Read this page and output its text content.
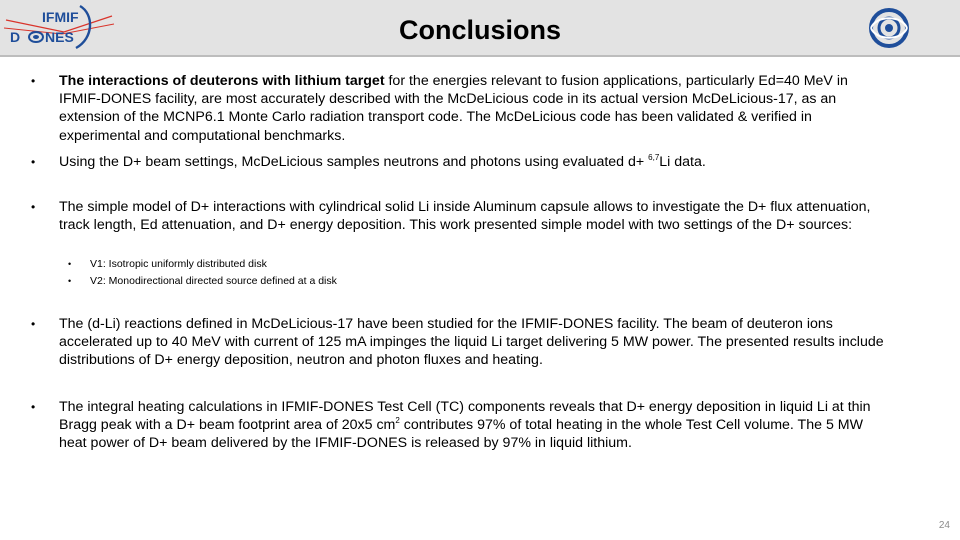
IFMIF
D NES	Conclusions
• The interactions of deuterons with lithium target for the energies relevant to fusion applications, particularly Ed=40 MeV in IFMIF-DONES facility, are most accurately described with the McDeLicious code in its actual version McDeLicious-17, as an extension of the MCNP6.1 Monte Carlo radiation transport code. The McDeLicious code has been validated & verified in experimental and computational benchmarks.

• Using the D+ beam settings, McDeLicious samples neutrons and photons using evaluated d+ $^{6,7}$Li data.

• The simple model of D+ interactions with cylindrical solid Li inside Aluminum capsule allows to investigate the D+ flux attenuation, track length, Ed attenuation, and D+ energy deposition. This work presented simple model with two settings of the D+ sources:

• V1: Isotropic uniformly distributed disk
• V2: Monodirectional directed source defined at a disk
• The (d-Li) reactions defined in McDeLicious-17 have been studied for the IFMIF-DONES facility. The beam of deuteron ions accelerated up to 40 MeV with current of 125 mA impinges the liquid Li target delivering 5 MW power. The presented results include distributions of D+ energy deposition, neutron and photon fluxes and heating.

• The integral heating calculations in IFMIF-DONES Test Cell (TC) components reveals that D+ energy deposition in liquid Li at thin Bragg peak with a D+ beam footprint area of 20x5 $cm^2$ contributes 97% of total heating in the whole Test Cell volume. The 5 MW heat power of D+ beam delivered by the IFMIF-DONES is released by 97% in liquid lithium.

24
